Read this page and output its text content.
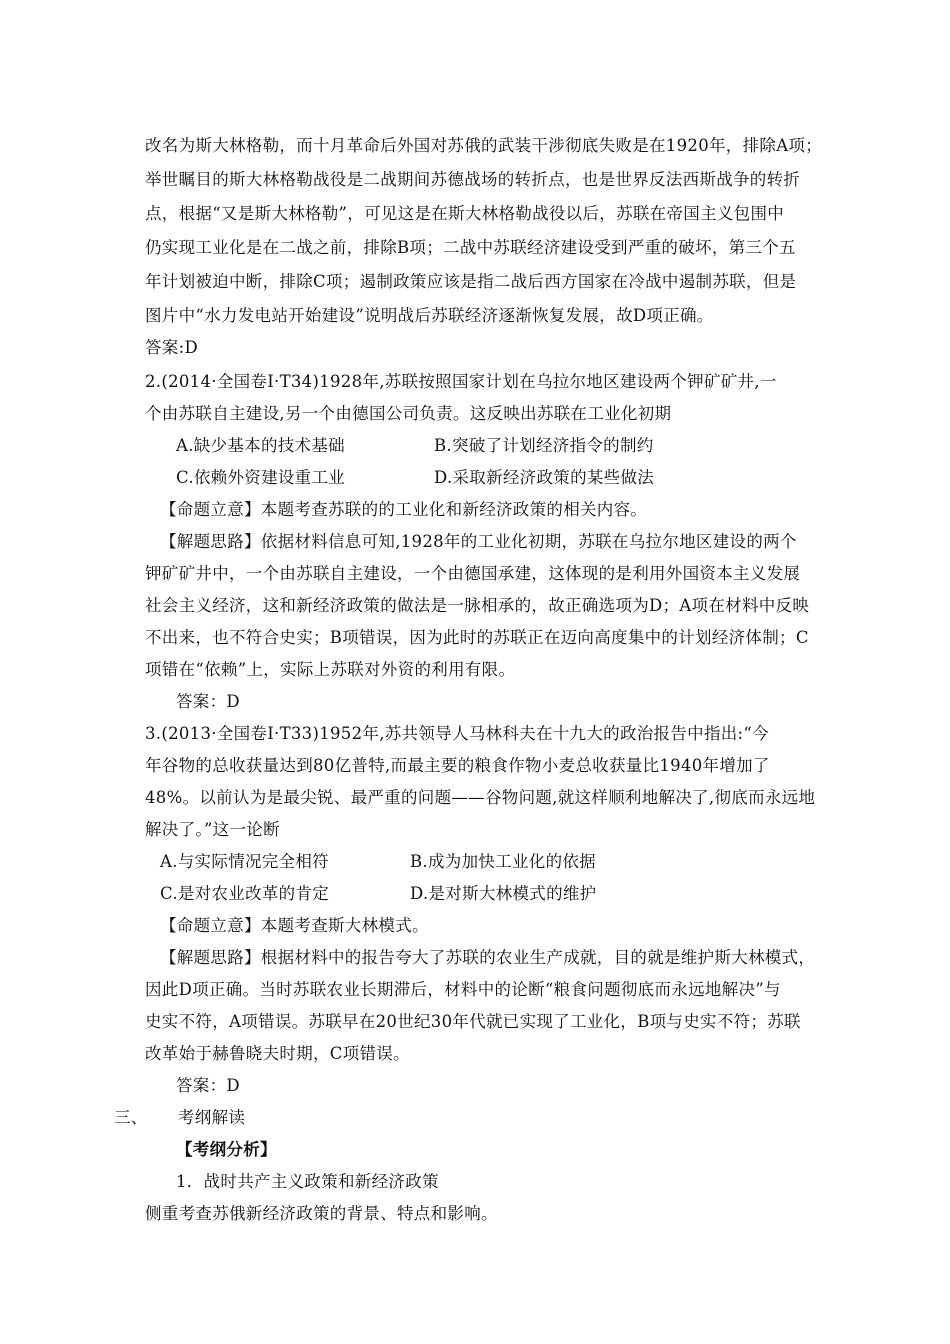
改名为斯大林格勒，而十月革命后外国对苏俄的武装干涉彻底失败是在1920年，排除A项；
举世瞩目的斯大林格勒战役是二战期间苏德战场的转折点，也是世界反法西斯战争的转折
点，根据“又是斯大林格勒”，可见这是在斯大林格勒战役以后，苏联在帝国主义包围中
仍实现工业化是在二战之前，排除B项；二战中苏联经济建设受到严重的破坏，第三个五
年计划被迫中断，排除C项；遏制政策应该是指二战后西方国家在冷战中遏制苏联，但是
图片中“水力发电站开始建设”说明战后苏联经济逐渐恢复发展，故D项正确。
答案:D
2.(2014·全国卷Ⅰ·T34)1928年,苏联按照国家计划在乌拉尔地区建设两个钾矿矿井,一
个由苏联自主建设,另一个由德国公司负责。这反映出苏联在工业化初期
A.缺少基本的技术基础	B.突破了计划经济指令的制约
C.依赖外资建设重工业	D.采取新经济政策的某些做法
【命题立意】本题考查苏联的的工业化和新经济政策的相关内容。
【解题思路】依据材料信息可知,1928年的工业化初期，苏联在乌拉尔地区建设的两个
钾矿矿井中，一个由苏联自主建设，一个由德国承建，这体现的是利用外国资本主义发展
社会主义经济，这和新经济政策的做法是一脉相承的，故正确选项为D；A项在材料中反映
不出来，也不符合史实；B项错误，因为此时的苏联正在迈向高度集中的计划经济体制；C
项错在“依赖”上，实际上苏联对外资的利用有限。
答案：D
3.(2013·全国卷Ⅰ·T33)1952年,苏共领导人马林科夫在十九大的政治报告中指出:“今
年谷物的总收获量达到80亿普特,而最主要的粮食作物小麦总收获量比1940年增加了
48%。以前认为是最尖锐、最严重的问题——谷物问题,就这样顺利地解决了,彻底而永远地
解决了。”这一论断
A.与实际情况完全相符	B.成为加快工业化的依据
C.是对农业改革的肯定	D.是对斯大林模式的维护
【命题立意】本题考查斯大林模式。
【解题思路】根据材料中的报告夸大了苏联的农业生产成就，目的就是维护斯大林模式，
因此D项正确。当时苏联农业长期滞后，材料中的论断“粮食问题彻底而永远地解决”与
史实不符，A项错误。苏联早在20世纪30年代就已实现了工业化，B项与史实不符；苏联
改革始于赫鲁晓夫时期，C项错误。
答案：D
三、 考纲解读
【考纲分析】
1．战时共产主义政策和新经济政策
侧重考查苏俄新经济政策的背景、特点和影响。
